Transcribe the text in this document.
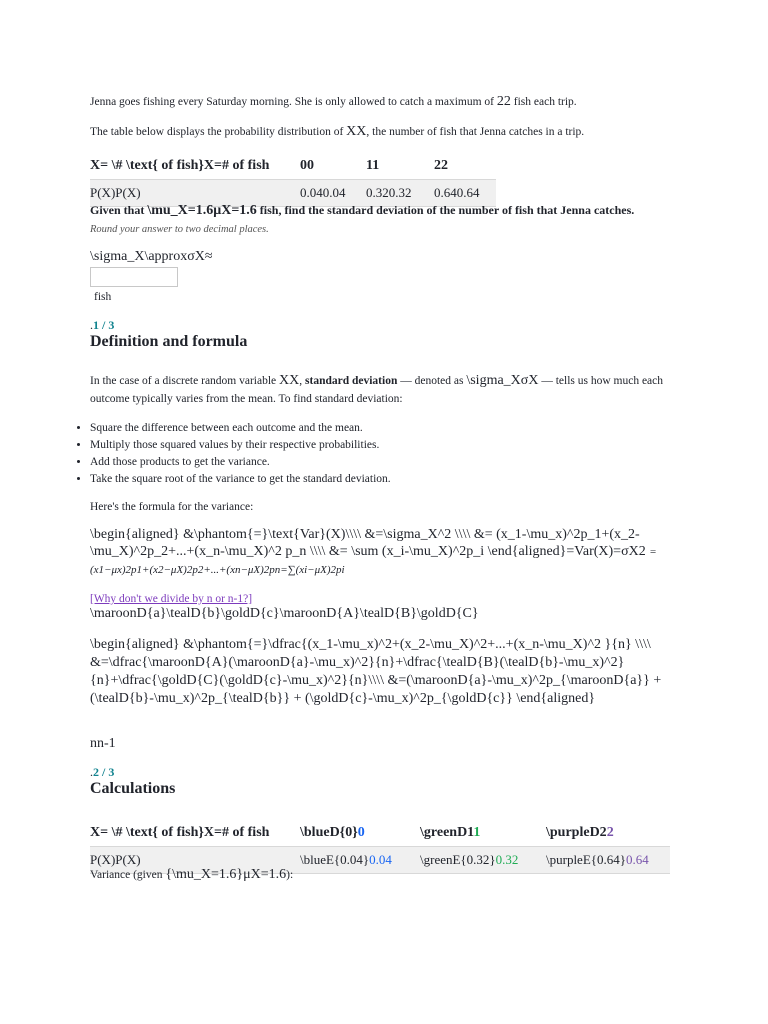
Jenna goes fishing every Saturday morning. She is only allowed to catch a maximum of 22 fish each trip.
The table below displays the probability distribution of XX, the number of fish that Jenna catches in a trip.
X= \# \text{ of fish}X=# of fish	00	11	22
P(X)P(X)	0.040.04	0.320.32	0.640.64
Given that \mu_X=1.6μX=1.6 fish, find the standard deviation of the number of fish that Jenna catches.
Round your answer to two decimal places.
\sigma_X\approxσX≈
fish
.1 / 3
Definition and formula
In the case of a discrete random variable XX, standard deviation — denoted as \sigma_XσX — tells us how much each outcome typically varies from the mean. To find standard deviation:
• Square the difference between each outcome and the mean.
• Multiply those squared values by their respective probabilities.
• Add those products to get the variance.
• Take the square root of the variance to get the standard deviation.
Here's the formula for the variance:
\begin{aligned} &\phantom{=}\text{Var}(X)\\\\ &=\sigma_X^2 \\\\ &= (x_1-\mu_x)^2p_1+(x_2-\mu_X)^2p_2+...+(x_n-\mu_X)^2 p_n \\\\ &= \sum (x_i-\mu_X)^2p_i \end{aligned}=Var(X)=σX2 =(x1−μx)2p1+(x2−μX)2p2+...+(xn−μX)2pn=∑(xi−μX)2pi
[Why don't we divide by n or n-1?]
\maroonD{a}\tealD{b}\goldD{c}\maroonD{A}\tealD{B}\goldD{C}
\begin{aligned} &\phantom{=}\dfrac{(x_1-\mu_x)^2+(x_2-\mu_X)^2+...+(x_n-\mu_X)^2 }{n} \\\\ &=\dfrac{\maroonD{A}(\maroonD{a}-\mu_x)^2}{n}+\dfrac{\tealD{B}(\tealD{b}-\mu_x)^2}{n}+\dfrac{\goldD{C}(\goldD{c}-\mu_x)^2}{n}\\\\ &=(\maroonD{a}-\mu_x)^2p_{\maroonD{a}} + (\tealD{b}-\mu_x)^2p_{\tealD{b}} + (\goldD{c}-\mu_x)^2p_{\goldD{c}} \end{aligned}
nn-1
.2 / 3
Calculations
X= \# \text{ of fish}X=# of fish	\blueD{0}0	\greenD11	\purpleD22
P(X)P(X)	\blueE{0.04}0.04	\greenE{0.32}0.32	\purpleE{0.64}0.64
Variance (given {\mu_X=1.6}μX=1.6):
